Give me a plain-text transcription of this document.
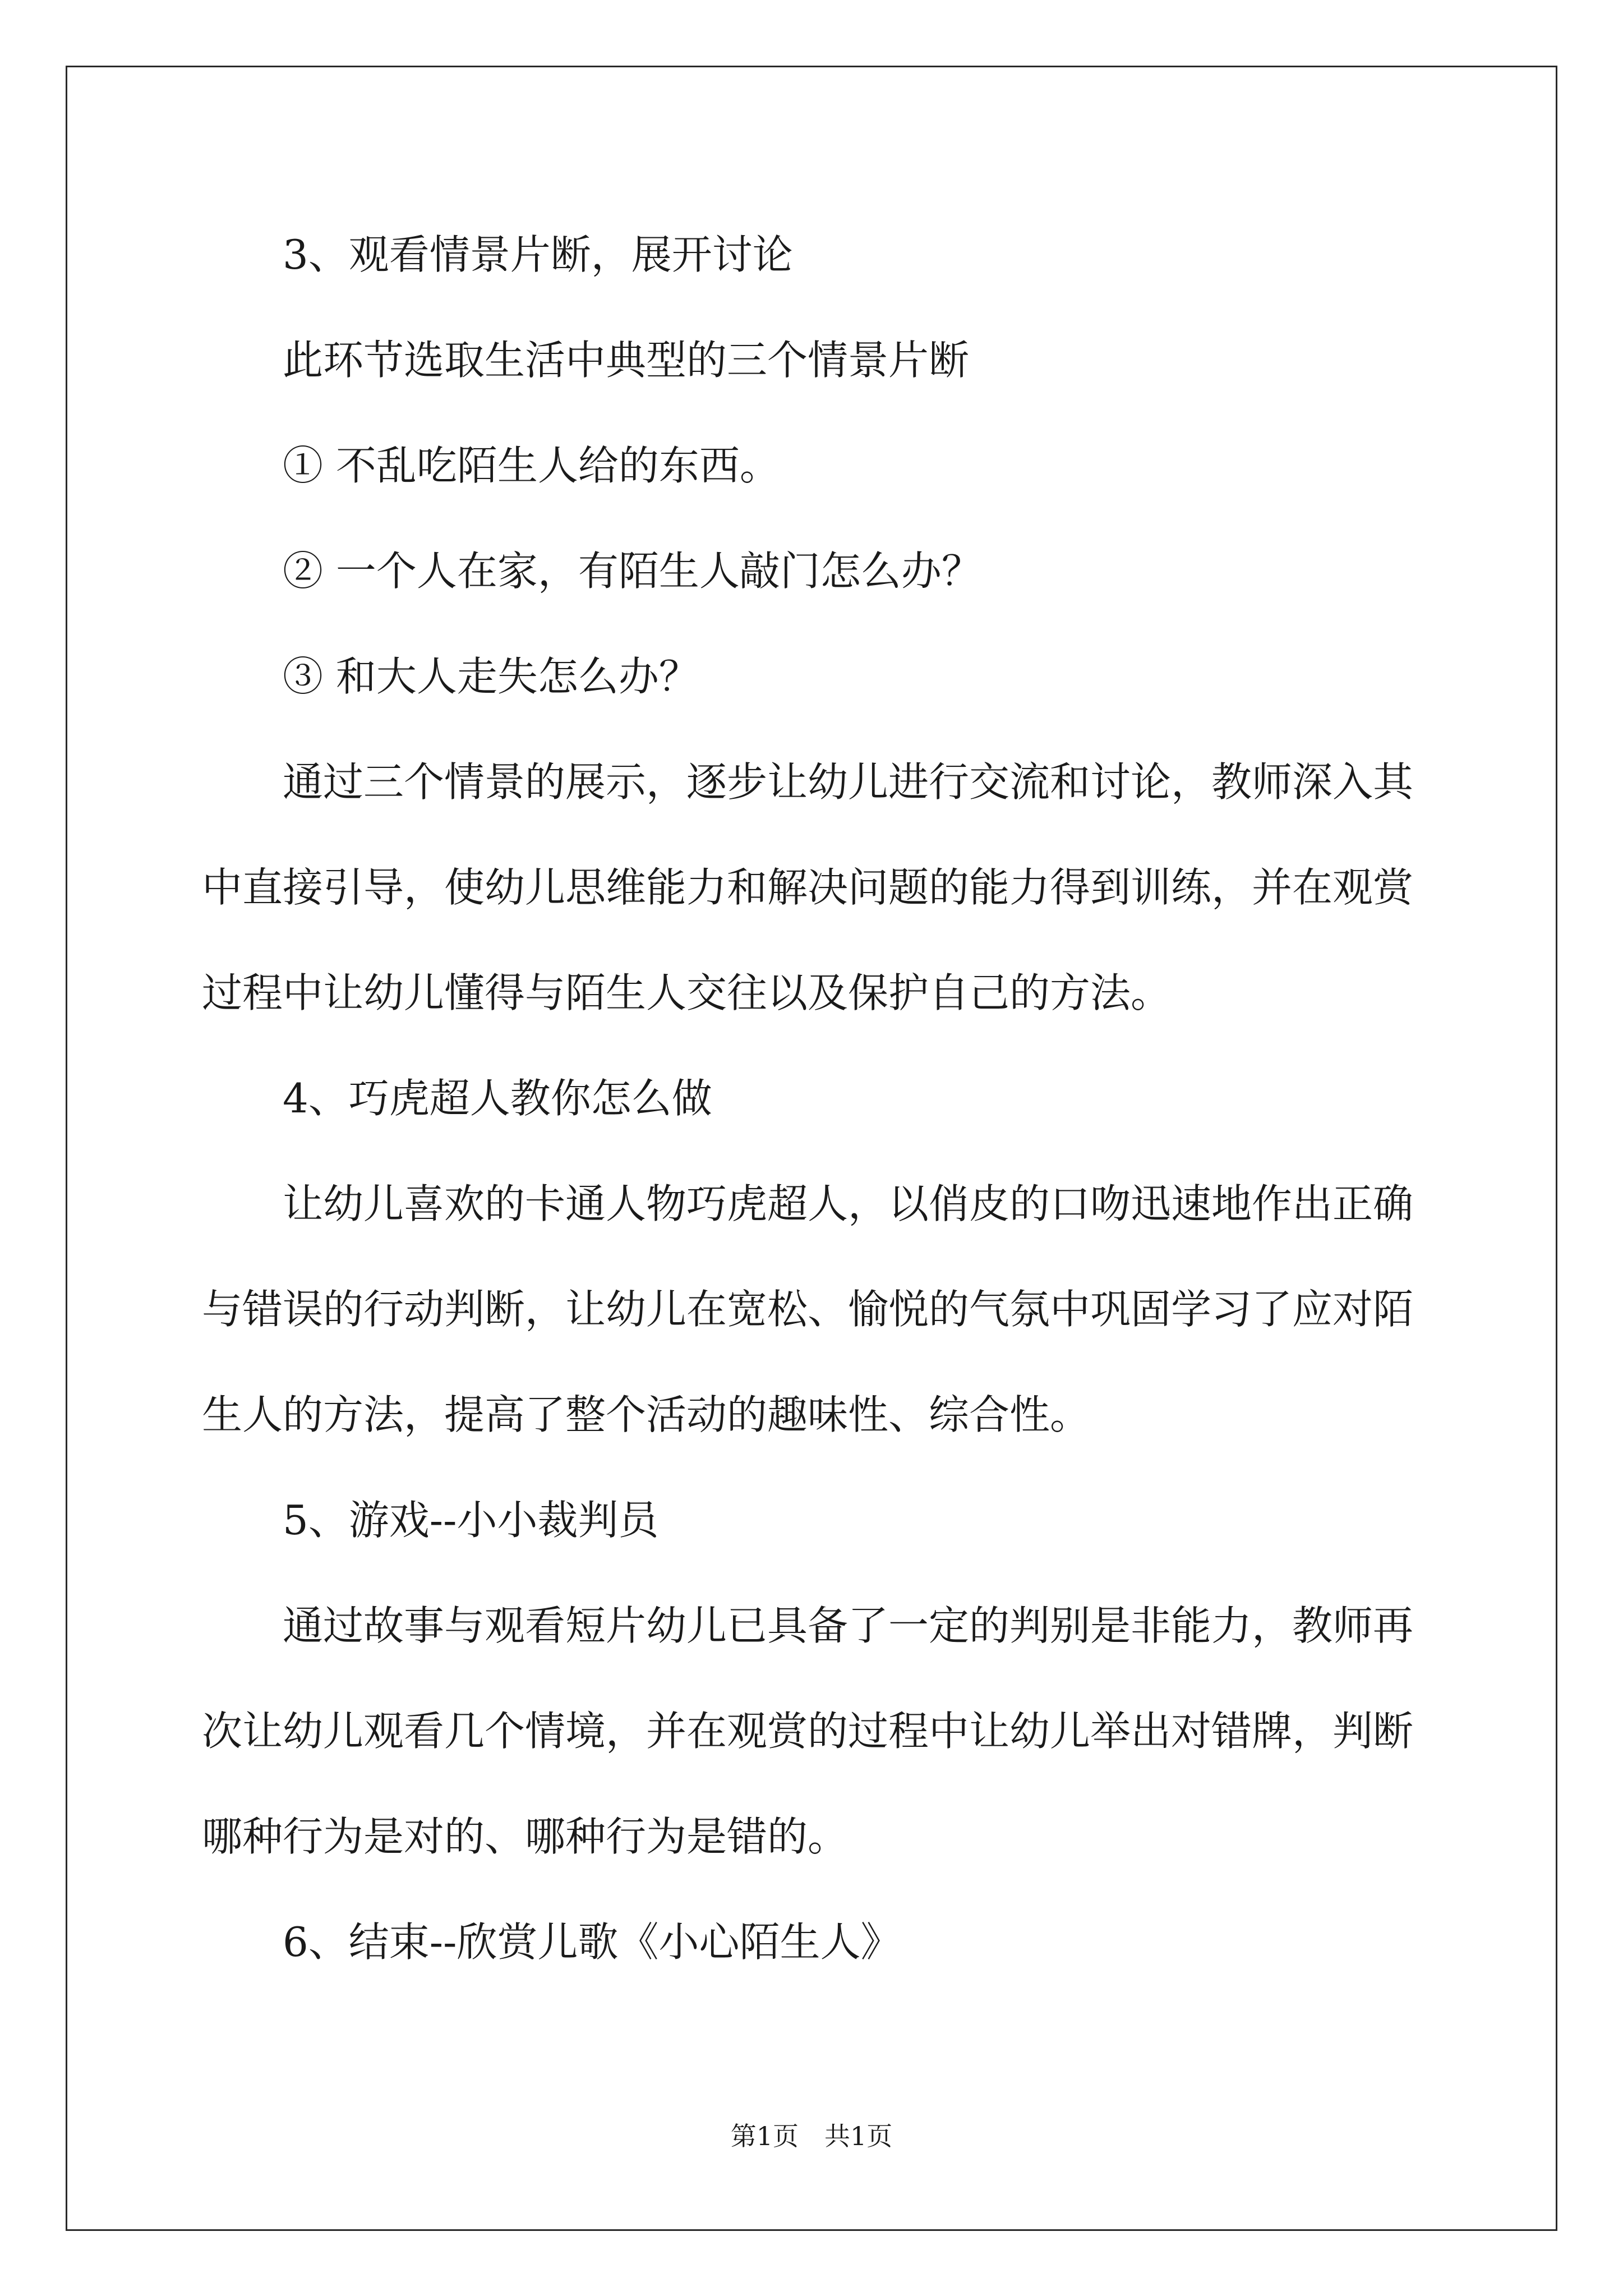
3、观看情景片断，展开讨论

此环节选取生活中典型的三个情景片断

① 不乱吃陌生人给的东西。

② 一个人在家，有陌生人敲门怎么办？

③ 和大人走失怎么办？

通过三个情景的展示，逐步让幼儿进行交流和讨论，教师深入其中直接引导，使幼儿思维能力和解决问题的能力得到训练，并在观赏过程中让幼儿懂得与陌生人交往以及保护自己的方法。

4、巧虎超人教你怎么做

让幼儿喜欢的卡通人物巧虎超人，以俏皮的口吻迅速地作出正确与错误的行动判断，让幼儿在宽松、愉悦的气氛中巩固学习了应对陌生人的方法，提高了整个活动的趣味性、综合性。

5、游戏--小小裁判员

通过故事与观看短片幼儿已具备了一定的判别是非能力，教师再次让幼儿观看几个情境，并在观赏的过程中让幼儿举出对错牌，判断哪种行为是对的、哪种行为是错的。

6、结束--欣赏儿歌《小心陌生人》

第1页　共1页
